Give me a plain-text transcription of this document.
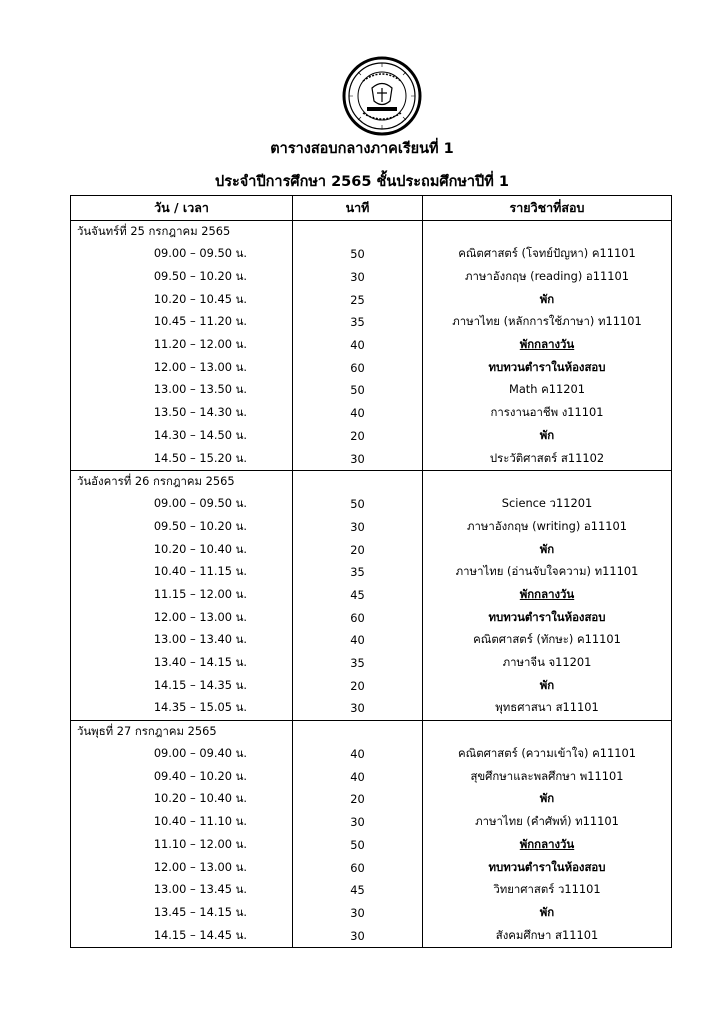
ตารางสอบกลางภาคเรียนที่ 1
ประจำปีการศึกษา 2565 ชั้นประถมศึกษาปีที่ 1
วัน / เวลา	นาที	รายวิชาที่สอบ
วันจันทร์ที่ 25 กรกฎาคม 2565		
09.00 – 09.50 น.	50	คณิตศาสตร์ (โจทย์ปัญหา) ค11101
09.50 – 10.20 น.	30	ภาษาอังกฤษ (reading) อ11101
10.20 – 10.45 น.	25	พัก
10.45 – 11.20 น.	35	ภาษาไทย (หลักการใช้ภาษา) ท11101
11.20 – 12.00 น.	40	พักกลางวัน
12.00 – 13.00 น.	60	ทบทวนตำราในห้องสอบ
13.00 – 13.50 น.	50	Math ค11201
13.50 – 14.30 น.	40	การงานอาชีพ ง11101
14.30 – 14.50 น.	20	พัก
14.50 – 15.20 น.	30	ประวัติศาสตร์ ส11102
วันอังคารที่ 26 กรกฎาคม 2565		
09.00 – 09.50 น.	50	Science ว11201
09.50 – 10.20 น.	30	ภาษาอังกฤษ (writing) อ11101
10.20 – 10.40 น.	20	พัก
10.40 – 11.15 น.	35	ภาษาไทย (อ่านจับใจความ) ท11101
11.15 – 12.00 น.	45	พักกลางวัน
12.00 – 13.00 น.	60	ทบทวนตำราในห้องสอบ
13.00 – 13.40 น.	40	คณิตศาสตร์ (ทักษะ) ค11101
13.40 – 14.15 น.	35	ภาษาจีน จ11201
14.15 – 14.35 น.	20	พัก
14.35 – 15.05 น.	30	พุทธศาสนา ส11101
วันพุธที่ 27 กรกฎาคม 2565		
09.00 – 09.40 น.	40	คณิตศาสตร์ (ความเข้าใจ) ค11101
09.40 – 10.20 น.	40	สุขศึกษาและพลศึกษา พ11101
10.20 – 10.40 น.	20	พัก
10.40 – 11.10 น.	30	ภาษาไทย (คำศัพท์) ท11101
11.10 – 12.00 น.	50	พักกลางวัน
12.00 – 13.00 น.	60	ทบทวนตำราในห้องสอบ
13.00 – 13.45 น.	45	วิทยาศาสตร์ ว11101
13.45 – 14.15 น.	30	พัก
14.15 – 14.45 น.	30	สังคมศึกษา ส11101
